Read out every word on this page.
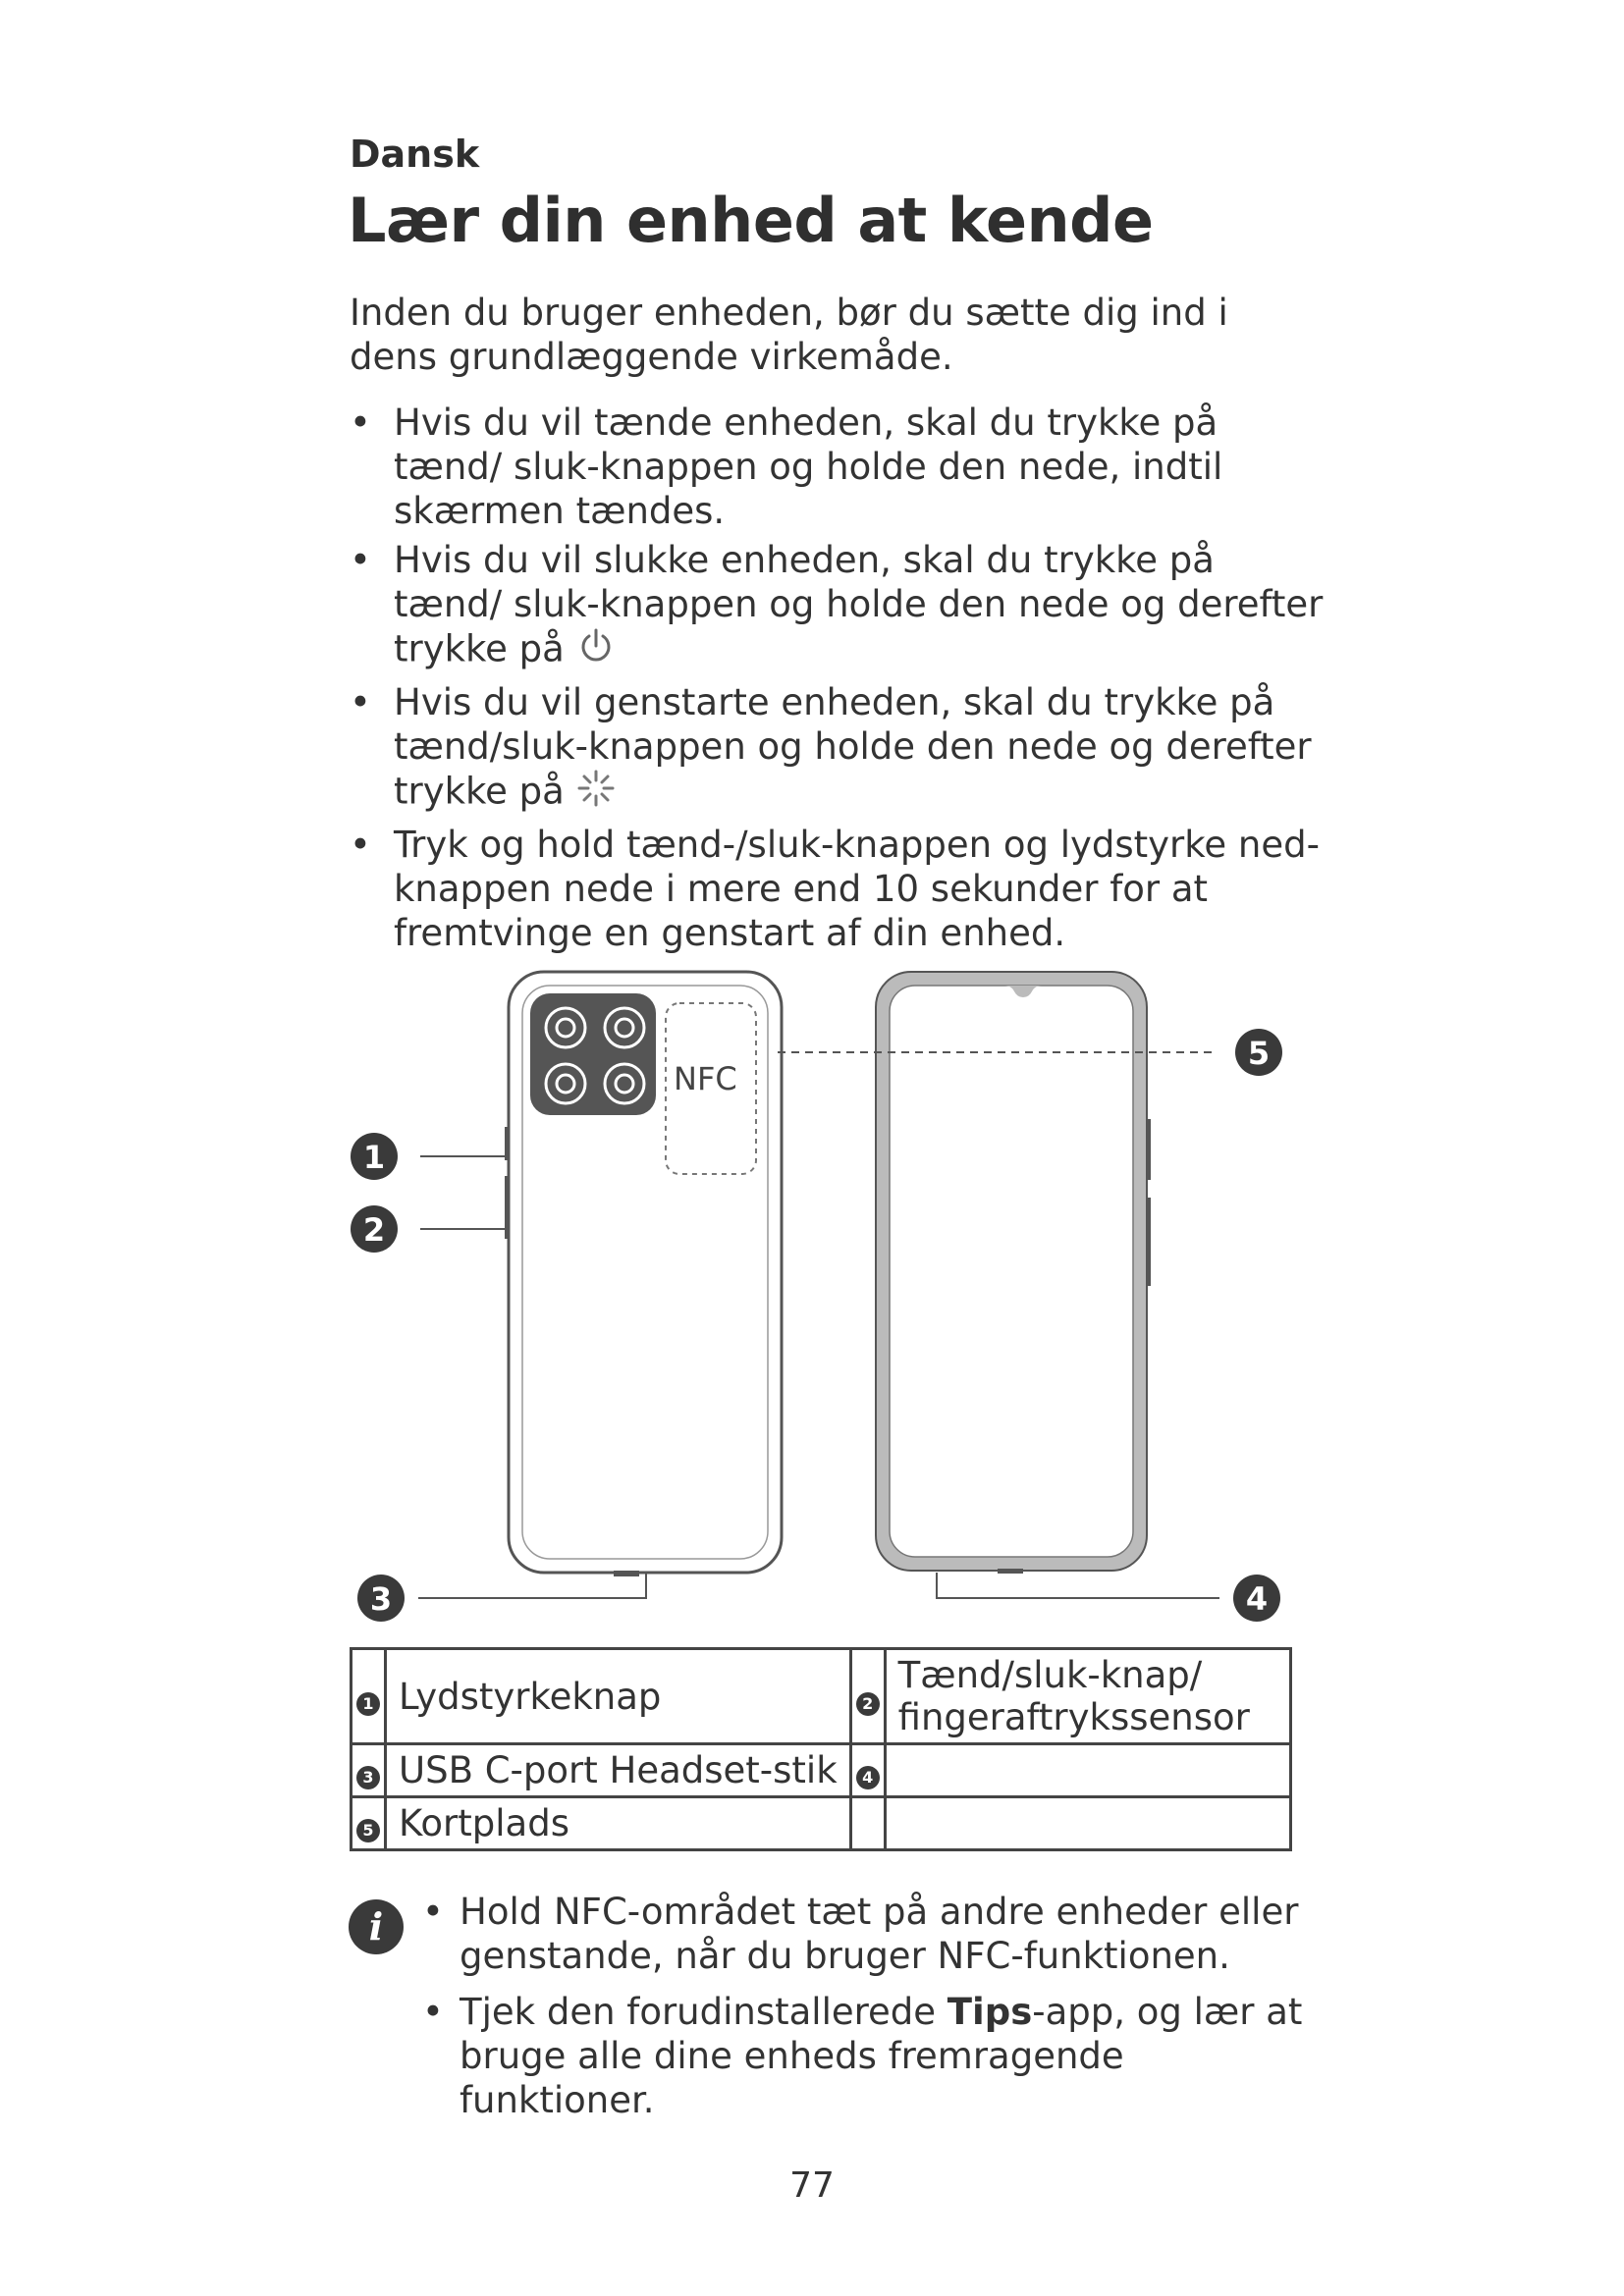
Dansk
Lær din enhed at kende

Inden du bruger enheden, bør du sætte dig ind i dens grundlæggende virkemåde.

• Hvis du vil tænde enheden, skal du trykke på tænd/ sluk-knappen og holde den nede, indtil skærmen tændes.
• Hvis du vil slukke enheden, skal du trykke på tænd/ sluk-knappen og holde den nede og derefter trykke på
• Hvis du vil genstarte enheden, skal du trykke på tænd/sluk-knappen og holde den nede og derefter trykke på
• Tryk og hold tænd-/sluk-knappen og lydstyrke ned-knappen nede i mere end 10 sekunder for at fremtvinge en genstart af din enhed.
NFC
1
2
3	4
5
1	Lydstyrkeknap	2	Tænd/sluk-knap/ fingeraftrykssensor
3	USB C-port Headset-stik	4	
5	Kortplads		
i	• Hold NFC-området tæt på andre enheder eller genstande, når du bruger NFC-funktionen.
• Tjek den forudinstallerede Tips-app, og lær at bruge alle dine enheds fremragende funktioner.
77
